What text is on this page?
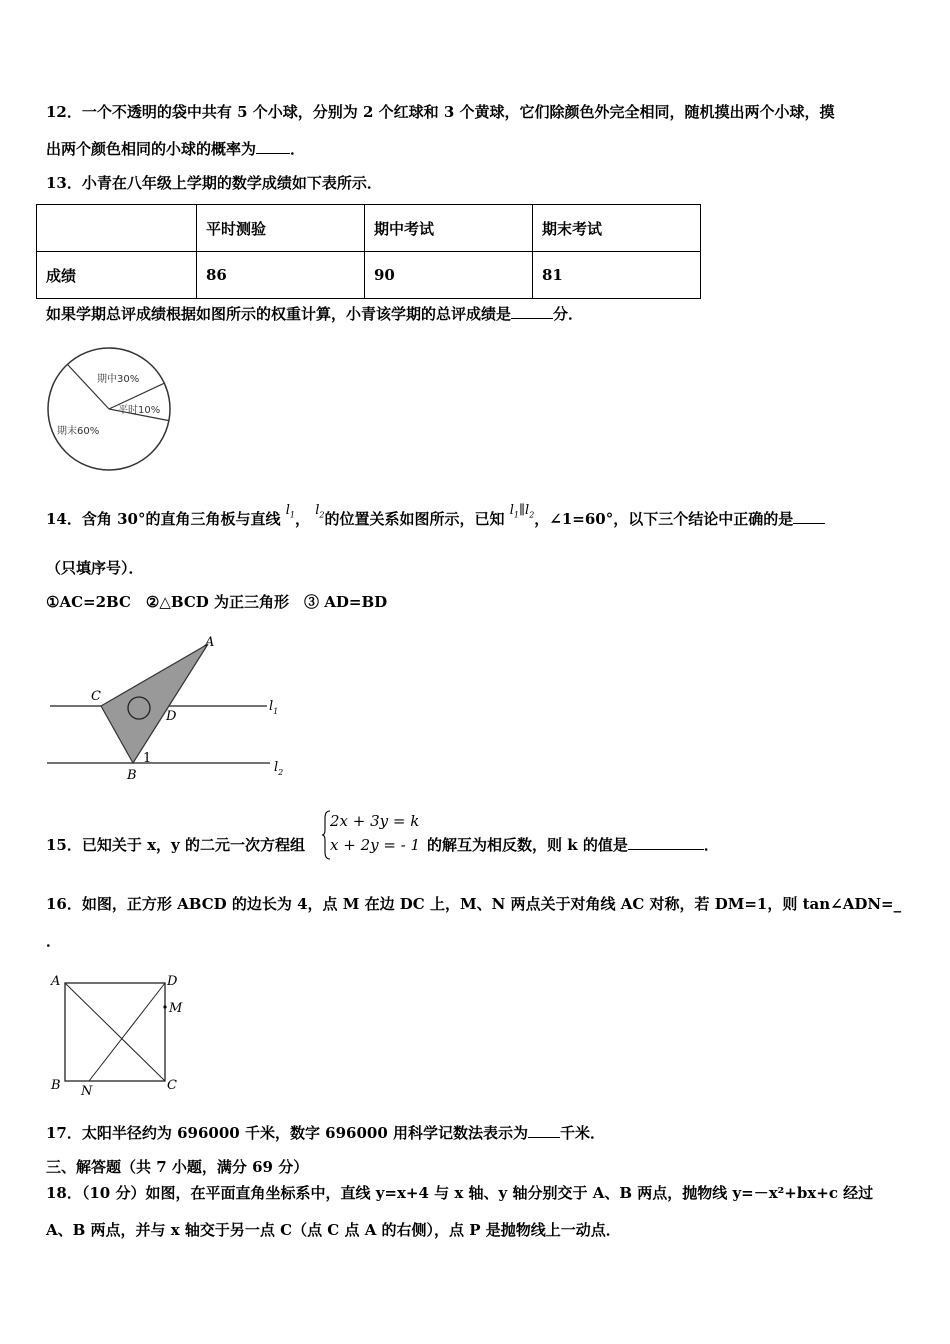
12．一个不透明的袋中共有 5 个小球，分别为 2 个红球和 3 个黄球，它们除颜色外完全相同，随机摸出两个小球，摸
出两个颜色相同的小球的概率为 ．
13．小青在八年级上学期的数学成绩如下表所示．
	平时测验	期中考试	期末考试
成绩	86	90	81
如果学期总评成绩根据如图所示的权重计算，小青该学期的总评成绩是	分．
期中30%
平时10%
期末60%
14．含角 30°的直角三角板与直线 $l_1$， $l_2$的位置关系如图所示，已知 $l_1\parallel l_2$，∠1=60°，以下三个结论中正确的是
（只填序号）．
①AC=2BC　②△BCD 为正三角形　③ AD=BD
A
C
D
B
1
$l_1$
$l_2$
15．已知关于 x，y 的二元一次方程组
2x + 3y = k
x + 2y = - 1 的解互为相反数，则 k 的值是	．
16．如图，正方形 ABCD 的边长为 4，点 M 在边 DC 上，M、N 两点关于对角线 AC 对称，若 DM=1，则 tan∠ADN=_
．
A	D
M
B N	C
17．太阳半径约为 696000 千米，数字 696000 用科学记数法表示为 千米．
三、解答题（共 7 小题，满分 69 分）
18．（10 分）如图，在平面直角坐标系中，直线 y=x+4 与 x 轴、y 轴分别交于 A、B 两点，抛物线 y=－x²+bx+c 经过
A、B 两点，并与 x 轴交于另一点 C（点 C 点 A 的右侧），点 P 是抛物线上一动点．
